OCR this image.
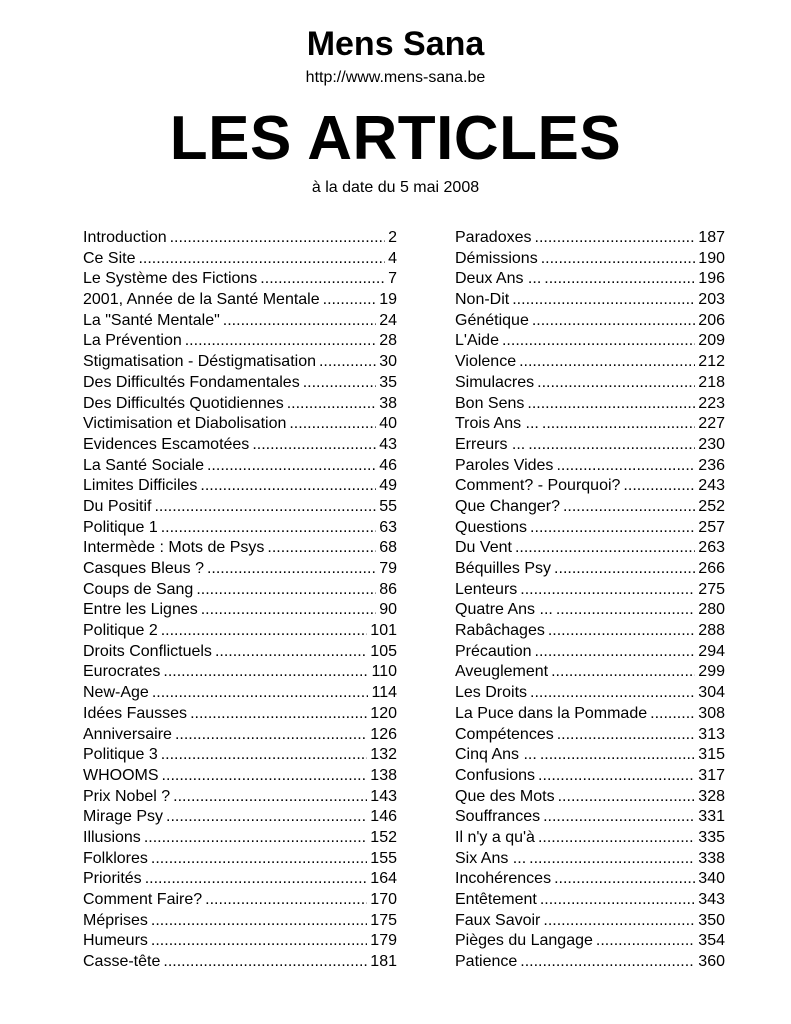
Mens Sana
http://www.mens-sana.be
LES ARTICLES
à la date du 5 mai 2008
Introduction .....	2
Ce Site .....	4
Le Système des Fictions .....	7
2001, Année de la Santé Mentale .....	19
La "Santé Mentale" .....	24
La Prévention .....	28
Stigmatisation - Déstigmatisation .....	30
Des Difficultés Fondamentales .....	35
Des Difficultés Quotidiennes .....	38
Victimisation et Diabolisation .....	40
Evidences Escamotées .....	43
La Santé Sociale .....	46
Limites Difficiles .....	49
Du Positif .....	55
Politique 1 .....	63
Intermède : Mots de Psys .....	68
Casques Bleus ? .....	79
Coups de Sang .....	86
Entre les Lignes .....	90
Politique 2 .....	101
Droits Conflictuels .....	105
Eurocrates .....	110
New-Age .....	114
Idées Fausses .....	120
Anniversaire .....	126
Politique 3 .....	132
WHOOMS .....	138
Prix Nobel ? .....	143
Mirage Psy .....	146
Illusions .....	152
Folklores .....	155
Priorités .....	164
Comment Faire? .....	170
Méprises .....	175
Humeurs .....	179
Casse-tête .....	181
Paradoxes .....	187
Démissions .....	190
Deux Ans ... .....	196
Non-Dit .....	203
Génétique .....	206
L'Aide .....	209
Violence .....	212
Simulacres .....	218
Bon Sens .....	223
Trois Ans ... .....	227
Erreurs ... .....	230
Paroles Vides .....	236
Comment? - Pourquoi? .....	243
Que Changer? .....	252
Questions .....	257
Du Vent .....	263
Béquilles Psy .....	266
Lenteurs .....	275
Quatre Ans ... .....	280
Rabâchages .....	288
Précaution .....	294
Aveuglement .....	299
Les Droits .....	304
La Puce dans la Pommade .....	308
Compétences .....	313
Cinq Ans ... .....	315
Confusions .....	317
Que des Mots .....	328
Souffrances .....	331
Il n'y a qu'à .....	335
Six Ans ... .....	338
Incohérences .....	340
Entêtement .....	343
Faux Savoir .....	350
Pièges du Langage .....	354
Patience .....	360
